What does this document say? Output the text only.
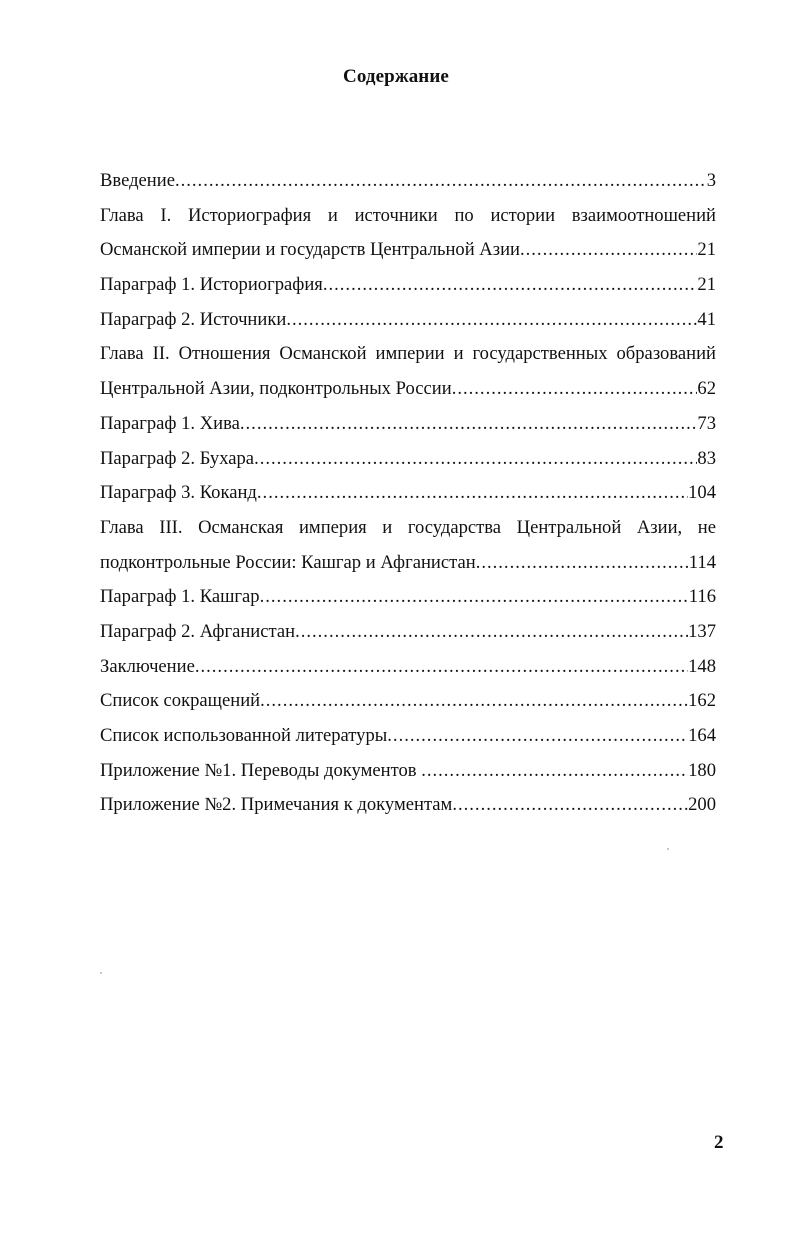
Содержание
Введение .....	3
Глава I. Историография и источники по истории взаимоотношений
Османской империи и государств Центральной Азии .....	21
Параграф 1. Историография .....	21
Параграф 2. Источники .....	41
Глава II. Отношения Османской империи и государственных образований
Центральной Азии, подконтрольных России .....	62
Параграф 1. Хива .....	73
Параграф 2. Бухара .....	83
Параграф 3. Коканд .....	104
Глава III. Османская империя и государства Центральной Азии, не
подконтрольные России: Кашгар и Афганистан .....	114
Параграф 1. Кашгар .....	116
Параграф 2. Афганистан .....	137
Заключение .....	148
Список сокращений .....	162
Список использованной литературы .....	164
Приложение №1. Переводы документов .....	180
Приложение №2. Примечания к документам .....	200
2
